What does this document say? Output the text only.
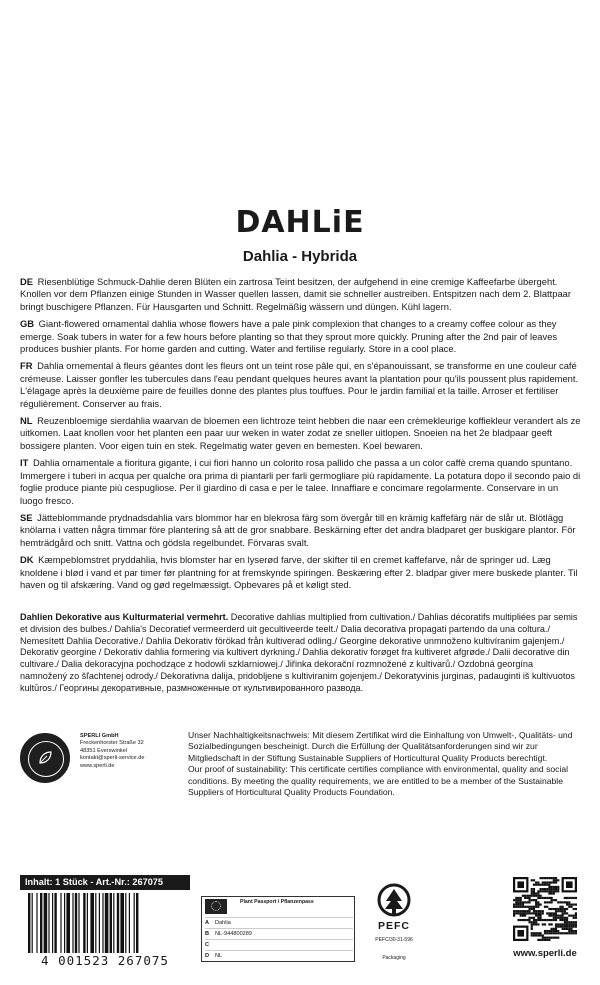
DAHLiE
Dahlia - Hybrida

DE Riesenblütige Schmuck-Dahlie deren Blüten ein zartrosa Teint besitzen, der aufgehend in eine cremige Kaffeefarbe übergeht. Knollen vor dem Pflanzen einige Stunden in Wasser quellen lassen, damit sie schneller austreiben. Entspitzen nach dem 2. Blattpaar bringt buschigere Pflanzen. Für Hausgarten und Schnitt. Regelmäßig wässern und düngen. Kühl lagern.

GB Giant-flowered ornamental dahlia whose flowers have a pale pink complexion that changes to a creamy coffee colour as they emerge. Soak tubers in water for a few hours before planting so that they sprout more quickly. Pruning after the 2nd pair of leaves produces bushier plants. For home garden and cutting. Water and fertilise regularly. Store in a cool place.

FR Dahlia ornemental à fleurs géantes dont les fleurs ont un teint rose pâle qui, en s'épanouissant, se transforme en une couleur café crémeuse. Laisser gonfler les tubercules dans l'eau pendant quelques heures avant la plantation pour qu'ils poussent plus rapidement. L'élagage après la deuxième paire de feuilles donne des plantes plus touffues. Pour le jardin familial et la taille. Arroser et fertiliser régulièrement. Conserver au frais.

NL Reuzenbloemige sierdahlia waarvan de bloemen een lichtroze teint hebben die naar een crèmekleurige koffiekleur verandert als ze uitkomen. Laat knollen voor het planten een paar uur weken in water zodat ze sneller uitlopen. Snoeien na het 2e bladpaar geeft bossigere planten. Voor eigen tuin en stek. Regelmatig water geven en bemesten. Koel bewaren.

IT Dahlia ornamentale a fioritura gigante, i cui fiori hanno un colorito rosa pallido che passa a un color caffè crema quando spuntano. Immergere i tuberi in acqua per qualche ora prima di piantarli per farli germogliare più rapidamente. La potatura dopo il secondo paio di foglie produce piante più cespugliose. Per il giardino di casa e per le talee. Innaffiare e concimare regolarmente. Conservare in un luogo fresco.

SE Jätteblommande prydnadsdahlia vars blommor har en blekrosa färg som övergår till en krämig kaffefärg när de slår ut. Blötlägg knölarna i vatten några timmar före plantering så att de gror snabbare. Beskärning efter det andra bladparet ger buskigare plantor. För hemträdgård och snitt. Vattna och gödsla regelbundet. Förvaras svalt.

DK Kæmpeblomstret pryddahlia, hvis blomster har en lyserød farve, der skifter til en cremet kaffefarve, når de springer ud. Læg knoldene i blød i vand et par timer før plantning for at fremskynde spiringen. Beskæring efter 2. bladpar giver mere buskede planter. Til haven og til afskæring. Vand og gød regelmæssigt. Opbevares på et køligt sted.

Dahlien Dekorative aus Kulturmaterial vermehrt. Decorative dahlias multiplied from cultivation./ Dahlias décoratifs multipliées par semis et division des bulbes./ Dahlia's Decoratief vermeerderd uit gecultiveerde teelt./ Dalia decorativa propagati partendo da una coltura./ Nemesített Dahlia Decorative./ Dahlia Dekorativ förökad från kultiverad odling./ Georgine dekorative unmnoženo kultivíranim gajenjem./ Dekorativ georgine / Dekorativ dahlia formering via kultivert dyrkning./ Dahlia dekorativ forøget fra kultiveret afgrøde./ Dalii decorative din cultivare./ Dalia dekoracyjna pochodzące z hodowli szklarniowej./ Jiřinka dekorační rozmnožené z kultivarů./ Ozdobná georgína namnožený zo šľachtenej odrody./ Dekorativna dalija, pridobljene s kultiviranim gojenjem./ Dekoratyvinis jurginas, padauginti iš kultivuotos kultūros./ Георгины декоративные, размноженные от культивированного развода.

SPERLI GmbH
Freckenhorster Straße 32
48351 Everswinkel
kontakt@sperli-service.de
www.sperli.de

Unser Nachhaltigkeitsnachweis: Mit diesem Zertifikat wird die Einhaltung von Umwelt-, Qualitäts- und Sozialbedingungen bescheinigt. Durch die Erfüllung der Qualitätsanforderungen sind wir zur Mitgliedschaft in der Stiftung Sustainable Suppliers of Horticultural Quality Products berechtigt.

Our proof of sustainability: This certificate certifies compliance with environmental, quality and social conditions. By meeting the quality requirements, we are entitled to be a member of the Sustainable Suppliers of Horticultural Quality Products Foundation.

Inhalt: 1 Stück - Art.-Nr.: 267075
4 001523 267075
Plant Passport / Pflanzenpass
A	Dahlia
B	NL-944800289
C
D	NL
PEFC
PEFC/30-31-596
Packaging	www.sperli.de
